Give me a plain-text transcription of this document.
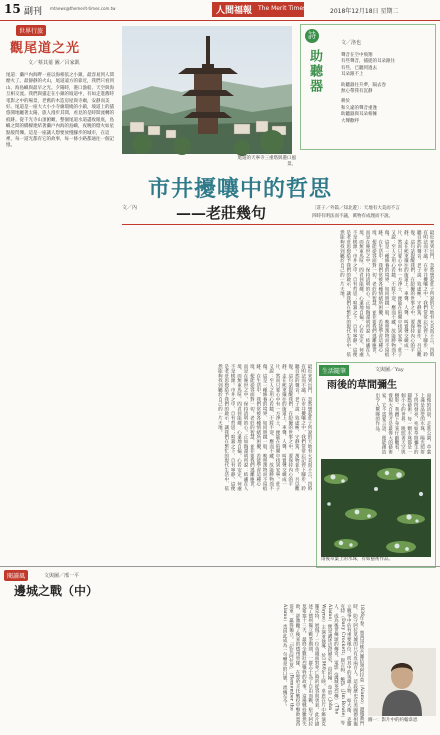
15 副刊 mtnews@themerit-times.com.tw	人間福報 The Merit Times	2018年12月18日 星期二
世界行旅
觀尾道之光
文／蔡其蓁 圖／呂家凱
尾道：瀨戶內海畔一座以海相依之小鎮，最容易到人間煙火了。最靜靜的火山，尾道遠方的靠近，我們只看到山、海島嶼與最早之光。夕陽時，港口漁船、天空與海互相交流。我們與貓走在小鎮的坡道中，有如走進舊時電影之中的場景，老舊的木造房屋與寺廟，安靜而美好。尾道是一座大大小小寺廟環繞的小鎮，坡道上的貓悠閒地曬著太陽，旅人漫步其間，看見的是時間流轉的痕跡。從千光寺山頂俯瞰，整個尾道水道盡收眼底，島嶼之間的橋樑連結著瀨戶內海的島嶼，夜晚的燈火如星點般閃爍。這是一座讓人想要放慢腳步的城市，在這裡，每一道光都有它的故事，每一條小路都通往一個記憶。
尾道的天寧寺三重塔與港口風景。
詩
助聽器
文／洛也
聲音在空中飛翔
有些聲音，捕捉的耳朵跟住
有些，已聽到過去
耳朵跟不上
助聽器往升夢，隔去卷
無心帶我有沉靜
耕於
和久違的聲音重逢
助聽器與耳朵相擁
大聲歡呼
市井擾嚷中的哲思
——老莊幾句
文／內	〔莊子／外篇／知北遊〕：天地有大美而不言
四時有明法而不議，萬物有成理而不說。
最近來到出門，忽然想起莊子所說的天地有大美而不言，四時有明法而不議。在市井擾嚷之中，我們常常忘記停下腳步，聆聽自然的聲音。老子說：致虛極，守靜篤，萬物並作，吾以觀復。這句話提醒我們，在紛擾的世事之中，要保持內心的平靜。走在熙來攘往的街道上，車聲、人聲、叫賣聲交織成一片，然而只要心中有一方淨土，便能在喧鬧中找到安寧。莊子又說：至人之用心若鏡，不將不迎，應而不藏，故能勝物而不傷。這是一種修養的境界，如同明鏡一般，映照萬物而不留痕跡。在生活中，我們常被各種情緒所困擾，若能學習這種心境，便能從容面對一切。老莊的智慧，並非要我們逃離塵世，而是在塵世之中，保持清明的心。正如陶淵明所說：結廬在人境，而無車馬喧，問君何能爾，心遠地自偏。心若安定，何處不是桃源。市井之中，自有哲思；喧囂之下，自有寧靜。這便是老莊思想給予我們的啟示，讓我們在繁忙的現代生活中，依然能夠找到屬於自己的一片天地。
最近來到出門，忽然想起莊子所說的天地有大美而不言，四時有明法而不議。在市井擾嚷之中，我們常常忘記停下腳步，聆聽自然的聲音。老子說：致虛極，守靜篤，萬物並作，吾以觀復。這句話提醒我們，在紛擾的世事之中，要保持內心的平靜。走在熙來攘往的街道上，車聲、人聲、叫賣聲交織成一片，然而只要心中有一方淨土，便能在喧鬧中找到安寧。莊子又說：至人之用心若鏡，不將不迎，應而不藏，故能勝物而不傷。這是一種修養的境界，如同明鏡一般，映照萬物而不留痕跡。在生活中，我們常被各種情緒所困擾，若能學習這種心境，便能從容面對一切。老莊的智慧，並非要我們逃離塵世，而是在塵世之中，保持清明的心。正如陶淵明所說：結廬在人境，而無車馬喧，問君何能爾，心遠地自偏。心若安定，何處不是桃源。市井之中，自有哲思；喧囂之下，自有寧靜。這便是老莊思想給予我們的啟示，讓我們在繁忙的現代生活中，依然能夠找到屬於自己的一片天地。	生活隨筆	文與圖／Yay
雨後的草間彌生
雨後的清晨，走進公園，草葉上滿是晶瑩的水珠，陽光照射下閃閃發亮，宛如草間彌生的圓點藝術。每一顆水珠都是一個小小的世界，映照著天空與樹影。我蹲下身來仔細觀看，發現大自然才是最偉大的藝術家，它不需要言語，便能創造出令人驚嘆的作品。
雨後草葉上的水珠，有如藝術作品。
閱讀風	文與圖／邢一平
邊城之戰（中）
1836年春，墨西哥桃兵團佔領阿拉莫（Alamo）邊城教門時，防守阿拉莫城的只有近兩百人。這段歷史在美國德州獨立戰爭中佔有重要地位，而其中的英雄人物，如大衛．克羅克特（Davy Crockett）與吉姆．鮑伊（Jim Bowie）等人，成為後世傳頌的傳奇。電影《邊城英烈傳》（The Alamo）便是講述這段歷史，由約翰．韋恩（John Wayne）主演並執導，於1960年上映。韋恩在片中飾演克羅克特，展現了一位英雄面對死亡時的從容與勇氣。此片描述了德州獨立戰爭期間，一群志士為了自由而戰，堅守阿拉莫要塞十三天，最終全數壯烈犧牲的故事。這場戰役雖然失敗，卻激勵了後來的德州軍隊，在聖哈辛托戰役中擊敗墨西哥軍，贏得獨立。「記住阿拉莫」（Remember the Alamo）也因此成為一句響亮的口號，流傳至今。
圖一：影片中的約翰韋恩
